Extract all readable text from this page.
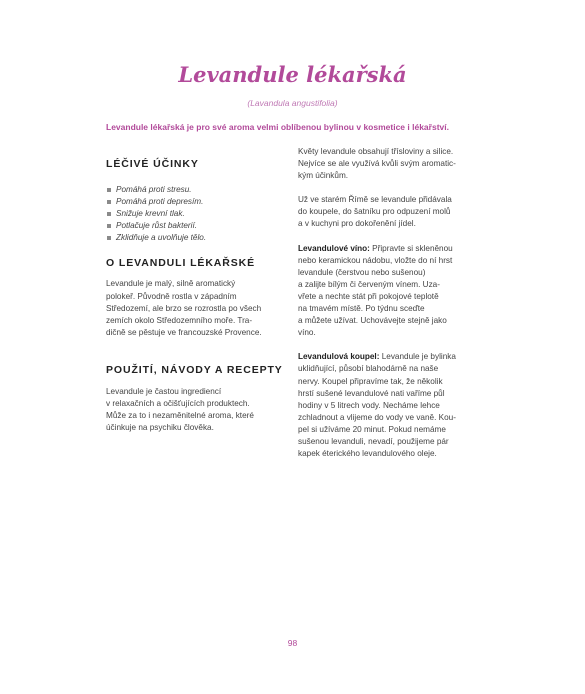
Levandule lékařská
(Lavandula angustifolia)
Levandule lékařská je pro své aroma velmi oblíbenou bylinou v kosmetice i lékařství.
LÉČIVÉ ÚČINKY
Pomáhá proti stresu.
Pomáhá proti depresím.
Snižuje krevní tlak.
Potlačuje růst bakterií.
Zklidňuje a uvolňuje tělo.
O LEVANDULI LÉKAŘSKÉ

Levandule je malý, silně aromatický
polokeř. Původně rostla v západním
Středozemí, ale brzo se rozrostla po všech
zemích okolo Středozemního moře. Tra-
dičně se pěstuje ve francouzské Provence.

POUŽITÍ, NÁVODY A RECEPTY

Levandule je častou ingrediencí
v relaxačních a očišťujících produktech.
Může za to i nezaměnitelné aroma, které
účinkuje na psychiku člověka.

Květy levandule obsahují třísloviny a silice.
Nejvíce se ale využívá kvůli svým aromatic-
kým účinkům.

Už ve starém Římě se levandule přidávala
do koupele, do šatníku pro odpuzení molů
a v kuchyni pro dokořenění jídel.

Levandulové víno: Připravte si skleněnou
nebo keramickou nádobu, vložte do ní hrst
levandule (čerstvou nebo sušenou)
a zalijte bílým či červeným vínem. Uza-
vřete a nechte stát při pokojové teplotě
na tmavém místě. Po týdnu sceďte
a můžete užívat. Uchovávejte stejně jako
víno.

Levandulová koupel: Levandule je bylinka
uklidňující, působí blahodárně na naše
nervy. Koupel připravíme tak, že několik
hrstí sušené levandulové nati vaříme půl
hodiny v 5 litrech vody. Necháme lehce
zchladnout a vlijeme do vody ve vaně. Kou-
pel si užíváme 20 minut. Pokud nemáme
sušenou levanduli, nevadí, použijeme pár
kapek éterického levandulového oleje.

98
